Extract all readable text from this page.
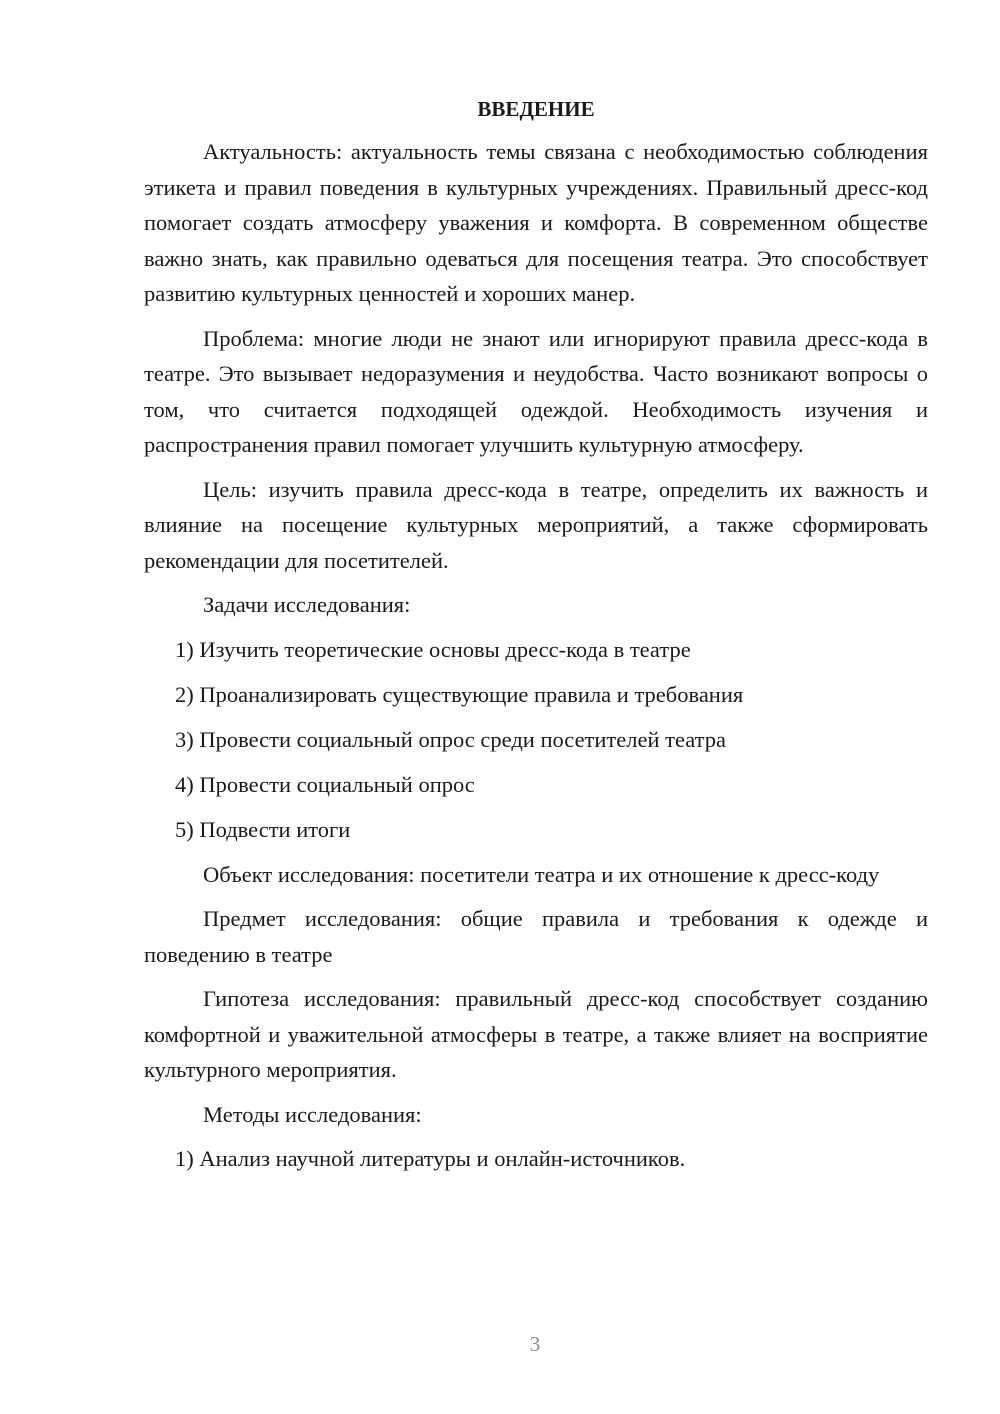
ВВЕДЕНИЕ

Актуальность: актуальность темы связана с необходимостью соблюдения этикета и правил поведения в культурных учреждениях. Правильный дресс-код помогает создать атмосферу уважения и комфорта. В современном обществе важно знать, как правильно одеваться для посещения театра. Это способствует развитию культурных ценностей и хороших манер.

Проблема: многие люди не знают или игнорируют правила дресс-кода в театре. Это вызывает недоразумения и неудобства. Часто возникают вопросы о том, что считается подходящей одеждой. Необходимость изучения и распространения правил помогает улучшить культурную атмосферу.

Цель: изучить правила дресс-кода в театре, определить их важность и влияние на посещение культурных мероприятий, а также сформировать рекомендации для посетителей.

Задачи исследования:

1) Изучить теоретические основы дресс-кода в театре
2) Проанализировать существующие правила и требования
3) Провести социальный опрос среди посетителей театра
4) Провести социальный опрос
5) Подвести итоги

Объект исследования: посетители театра и их отношение к дресс-коду

Предмет исследования: общие правила и требования к одежде и поведению в театре

Гипотеза исследования: правильный дресс-код способствует созданию комфортной и уважительной атмосферы в театре, а также влияет на восприятие культурного мероприятия.

Методы исследования:

1) Анализ научной литературы и онлайн-источников.
3
